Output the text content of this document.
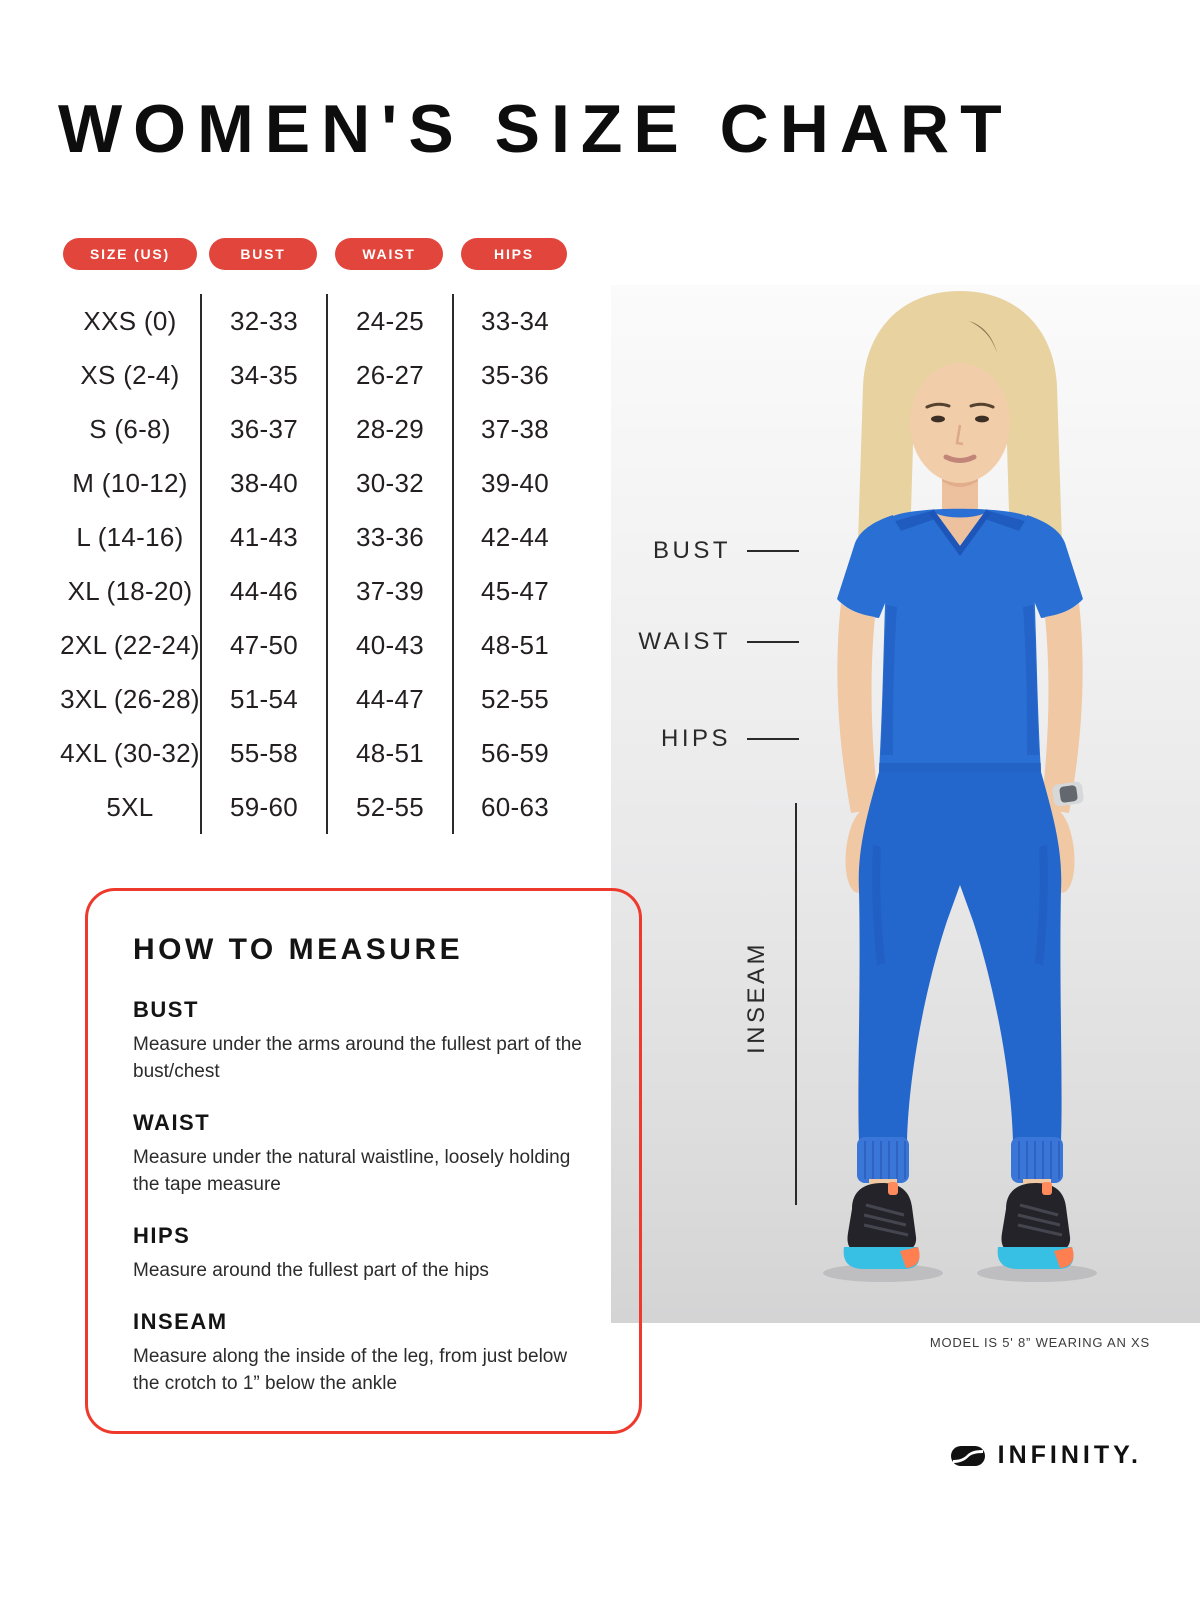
WOMEN'S SIZE CHART
SIZE (US)	BUST	WAIST	HIPS
XXS (0)	32-33	24-25	33-34
XS (2-4)	34-35	26-27	35-36
S (6-8)	36-37	28-29	37-38
M (10-12)	38-40	30-32	39-40
L (14-16)	41-43	33-36	42-44
XL (18-20)	44-46	37-39	45-47
2XL (22-24)	47-50	40-43	48-51
3XL (26-28)	51-54	44-47	52-55
4XL (30-32)	55-58	48-51	56-59
5XL	59-60	52-55	60-63
BUST
WAIST
HIPS
INSEAM
MODEL IS 5' 8” WEARING AN XS
HOW TO MEASURE
BUST
Measure under the arms around the fullest part of the bust/chest
WAIST
Measure under the natural waistline, loosely holding the tape measure
HIPS
Measure around the fullest part of the hips
INSEAM
Measure along the inside of the leg, from just below the crotch to 1” below the ankle
INFINITY.
